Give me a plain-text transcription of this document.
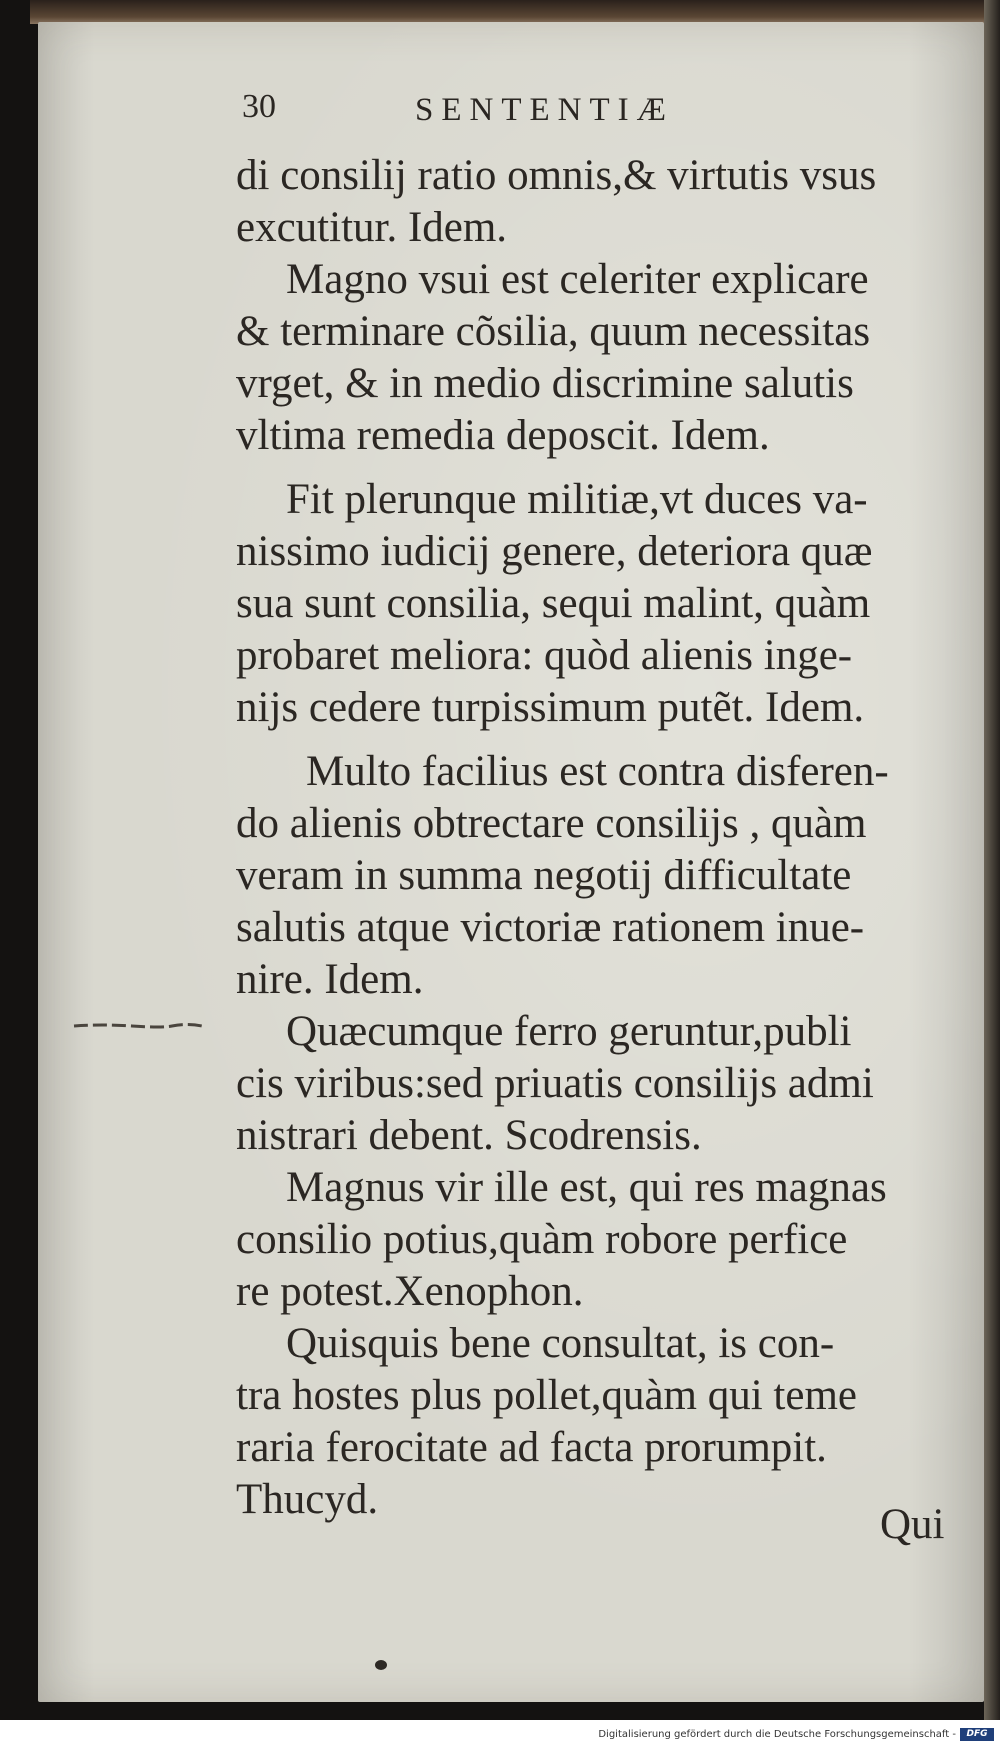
30	SENTENTIÆ
di consilij ratio omnis,& virtutis vsus
excutitur. Idem.
Magno vsui est celeriter explicare
& terminare cõsilia, quum necessitas
vrget, & in medio discrimine salutis
vltima remedia deposcit. Idem.
Fit plerunque militiæ,vt duces va-
nissimo iudicij genere, deteriora quæ
sua sunt consilia, sequi malint, quàm
probaret meliora: quòd alienis inge-
nijs cedere turpissimum putẽt. Idem.
Multo facilius est contra disferen-
do alienis obtrectare consilijs , quàm
veram in summa negotij difficultate
salutis atque victoriæ rationem inue-
nire. Idem.
Quæcumque ferro geruntur,publi
cis viribus:sed priuatis consilijs admi
nistrari debent. Scodrensis.
Magnus vir ille est, qui res magnas
consilio potius,quàm robore perfice
re potest.Xenophon.
Quisquis bene consultat, is con-
tra hostes plus pollet,quàm qui teme
raria ferocitate ad facta prorumpit.
Thucyd.
Qui
Digitalisierung gefördert durch die Deutsche Forschungsgemeinschaft -	DFG
